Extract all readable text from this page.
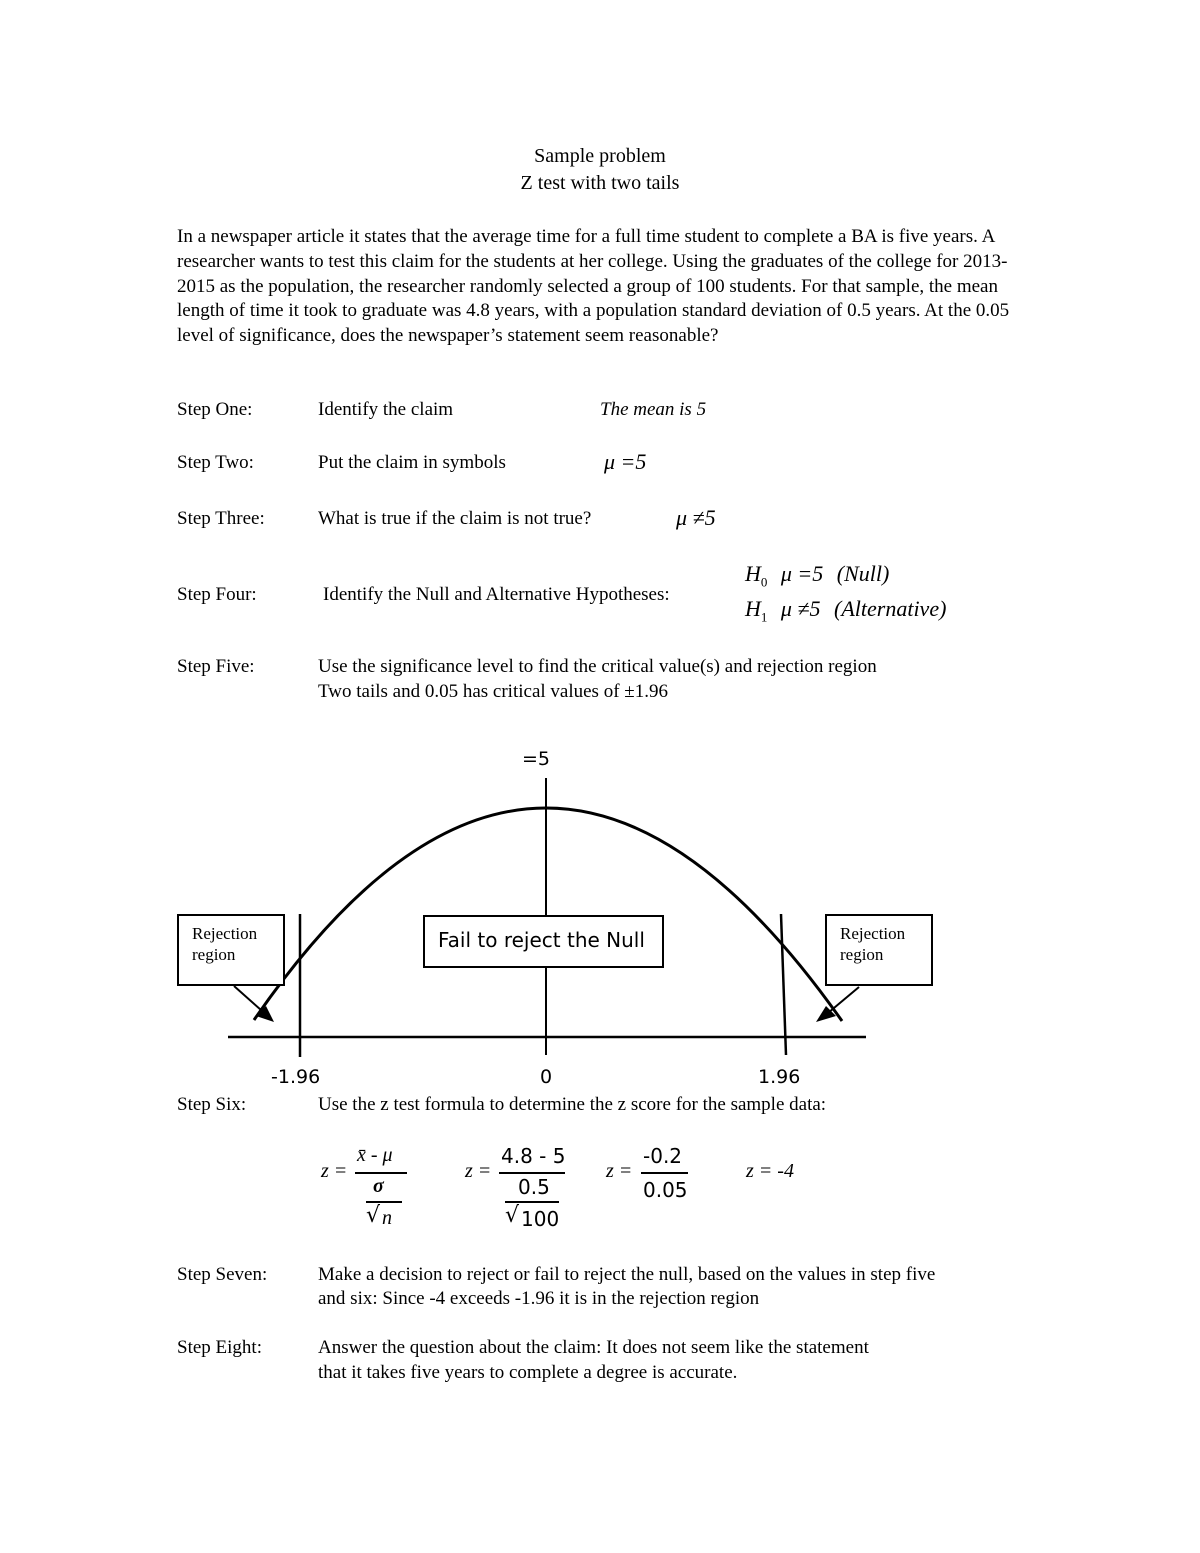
Sample problem
Z test with two tails
In a newspaper article it states that the average time for a full time student to complete a BA is five years. A researcher wants to test this claim for the students at her college. Using the graduates of the college for 2013-2015 as the population, the researcher randomly selected a group of 100 students. For that sample, the mean length of time it took to graduate was 4.8 years, with a population standard deviation of 0.5 years. At the 0.05 level of significance, does the newspaper’s statement seem reasonable?
Step One:	Identify the claim	The mean is 5
Step Two:	Put the claim in symbols	μ =5
Step Three:	What is true if the claim is not true?	μ ≠5
Step Four:	Identify the Null and Alternative Hypotheses:
$H_0$ μ =5 (Null)
$H_1$ μ ≠5 (Alternative)
Step Five:	Use the significance level to find the critical value(s) and rejection region
Two tails and 0.05 has critical values of ±1.96
=5
Rejection
region
Fail to reject the Null	Rejection
region
-1.96	0	1.96
Step Six:	Use the z test formula to determine the z score for the sample data:
z =
x̄ - μ
σ
√ n
z =
4.8 - 5
0.5
√ 100
z =
-0.2
0.05
z = -4
Step Seven:	Make a decision to reject or fail to reject the null, based on the values in step five
and six: Since -4 exceeds -1.96 it is in the rejection region
Step Eight:	Answer the question about the claim: It does not seem like the statement
that it takes five years to complete a degree is accurate.
